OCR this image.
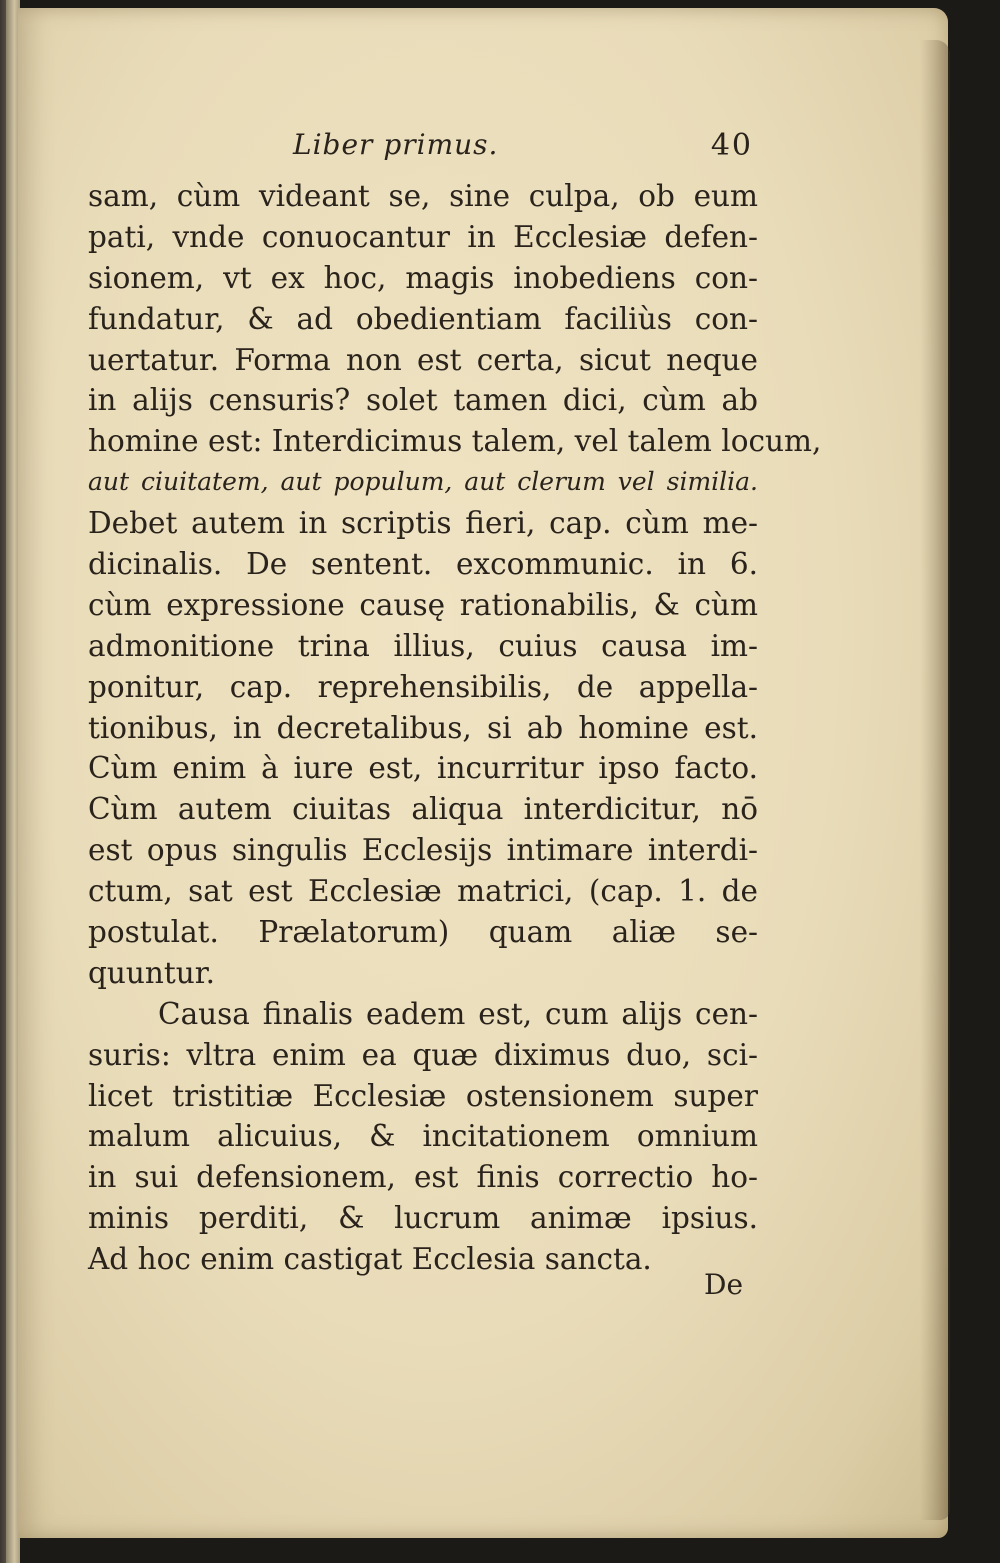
Liber primus.	40
sam, cùm videant se, sine culpa, ob eum
pati, vnde conuocantur in Ecclesiæ defen-
sionem, vt ex hoc, magis inobediens con-
fundatur, & ad obedientiam faciliùs con-
uertatur. Forma non est certa, sicut neque
in alijs censuris? solet tamen dici, cùm ab
homine est: Interdicimus talem, vel talem locum,
aut ciuitatem, aut populum, aut clerum vel similia.
Debet autem in scriptis fieri, cap. cùm me-
dicinalis. De sentent. excommunic. in 6.
cùm expressione causę rationabilis, & cùm
admonitione trina illius, cuius causa im-
ponitur, cap. reprehensibilis, de appella-
tionibus, in decretalibus, si ab homine est.
Cùm enim à iure est, incurritur ipso facto.
Cùm autem ciuitas aliqua interdicitur, nō
est opus singulis Ecclesijs intimare interdi-
ctum, sat est Ecclesiæ matrici, (cap. 1. de
postulat. Prælatorum) quam aliæ se-
quuntur.
Causa finalis eadem est, cum alijs cen-
suris: vltra enim ea quæ diximus duo, sci-
licet tristitiæ Ecclesiæ ostensionem super
malum alicuius, & incitationem omnium
in sui defensionem, est finis correctio ho-
minis perditi, & lucrum animæ ipsius.
Ad hoc enim castigat Ecclesia sancta.
De
